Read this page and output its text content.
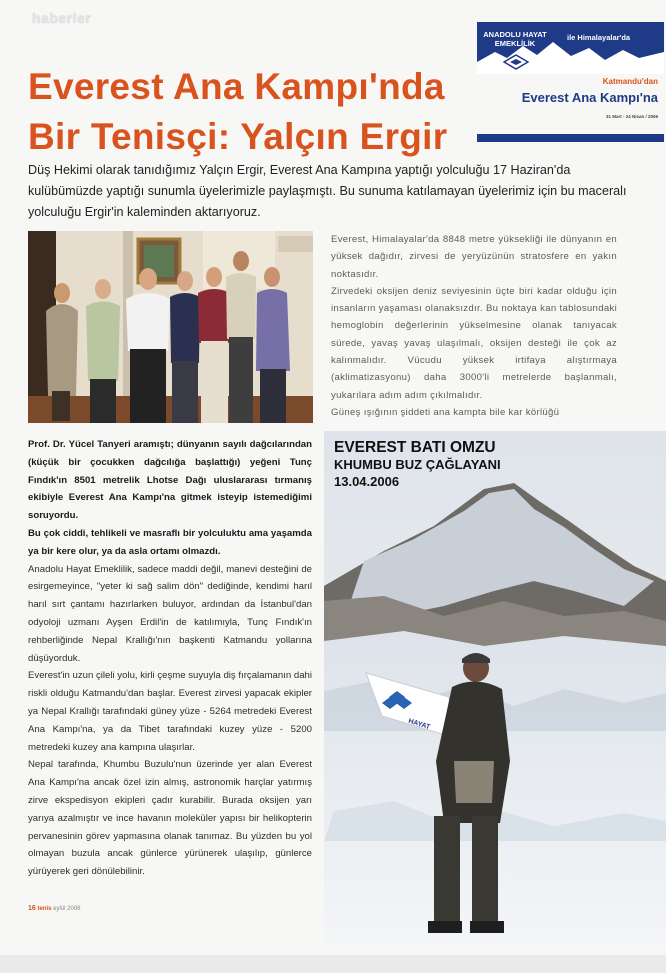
haberler
Everest Ana Kampı'nda
Bir Tenisçi: Yalçın Ergir
ANADOLU HAYAT
EMEKLİLİK
ile Himalayalar'da
Katmandu'dan
Everest Ana Kampı'na
31 Mart - 24 Nisan / 2006
Düş Hekimi olarak tanıdığımız Yalçın Ergir, Everest Ana Kampına yaptığı yolculuğu 17 Haziran'da kulübümüzde yaptığı sunumla üyelerimizle paylaşmıştı. Bu sunuma katılamayan üyelerimiz için bu maceralı yolculuğu Ergir'in kaleminden aktarıyoruz.

Everest, Himalayalar'da 8848 metre yüksekliği ile dünyanın en yüksek dağıdır, zirvesi de yeryüzünün stratosfere en yakın noktasıdır.

Zirvedeki oksijen deniz seviyesinin üçte biri kadar olduğu için insanların yaşaması olanaksızdır. Bu noktaya kan tablosundaki hemoglobin değerlerinin yükselmesine olanak tanıyacak sürede, yavaş yavaş ulaşılmalı, oksijen desteği ile çok az kalınmalıdır. Vücudu yüksek irtifaya alıştırmaya (aklimatizasyonu) daha 3000'li metrelerde başlanmalı, yukarılara adım adım çıkılmalıdır.

Güneş ışığının şiddeti ana kampta bile kar körlüğü

Prof. Dr. Yücel Tanyeri aramıştı; dünyanın sayılı dağcılarından (küçük bir çocukken dağcılığa başlattığı) yeğeni Tunç Fındık'ın 8501 metrelik Lhotse Dağı uluslararası tırmanış ekibiyle Everest Ana Kampı'na gitmek isteyip istemediğimi soruyordu.

Bu çok ciddi, tehlikeli ve masraflı bir yolculuktu ama yaşamda ya bir kere olur, ya da asla ortamı olmazdı.

Anadolu Hayat Emeklilik, sadece maddi değil, manevi desteğini de esirgemeyince, "yeter ki sağ salim dön" dediğinde, kendimi harıl harıl sırt çantamı hazırlarken buluyor, ardından da İstanbul'dan odyoloji uzmanı Ayşen Erdil'in de katılımıyla, Tunç Fındık'ın rehberliğinde Nepal Krallığı'nın başkenti Katmandu yollarına düşüyorduk.

Everest'in uzun çileli yolu, kirli çeşme suyuyla diş fırçalamanın dahi riskli olduğu Katmandu'dan başlar. Everest zirvesi yapacak ekipler ya Nepal Krallığı tarafındaki güney yüze - 5264 metredeki Everest Ana Kampı'na, ya da Tibet tarafındaki kuzey yüze - 5200 metredeki kuzey ana kampına ulaşırlar.

Nepal tarafında, Khumbu Buzulu'nun üzerinde yer alan Everest Ana Kampı'na ancak özel izin almış, astronomik harçlar yatırmış zirve ekspedisyon ekipleri çadır kurabilir. Burada oksijen yarı yarıya azalmıştır ve ince havanın moleküler yapısı bir helikopterin pervanesinin görev yapmasına olanak tanımaz. Bu yüzden bu yol olmayan buzula ancak günlerce yürünerek ulaşılıp, günlerce yürüyerek geri dönülebilinir.

HAYAT
EVEREST BATI OMZU
KHUMBU BUZ ÇAĞLAYANI
13.04.2006
16 tenis eylül 2006
